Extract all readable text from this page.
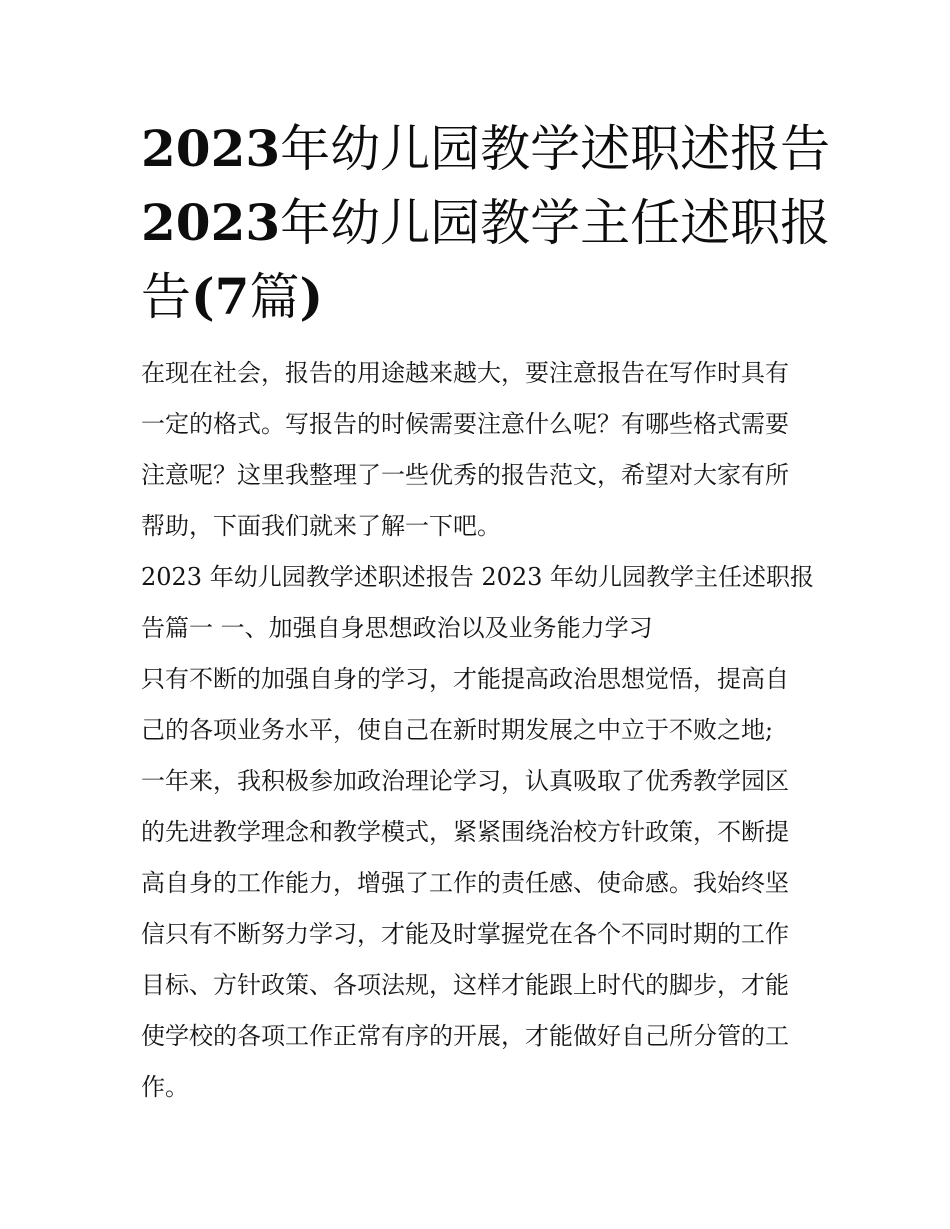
2023年幼儿园教学述职述报告
2023年幼儿园教学主任述职报
告(7篇)

在现在社会，报告的用途越来越大，要注意报告在写作时具有
一定的格式。写报告的时候需要注意什么呢？有哪些格式需要
注意呢？这里我整理了一些优秀的报告范文，希望对大家有所
帮助，下面我们就来了解一下吧。

2023 年幼儿园教学述职述报告 2023 年幼儿园教学主任述职报
告篇一 一、加强自身思想政治以及业务能力学习

只有不断的加强自身的学习，才能提高政治思想觉悟，提高自
己的各项业务水平，使自己在新时期发展之中立于不败之地;
一年来，我积极参加政治理论学习，认真吸取了优秀教学园区
的先进教学理念和教学模式，紧紧围绕治校方针政策，不断提
高自身的工作能力，增强了工作的责任感、使命感。我始终坚
信只有不断努力学习，才能及时掌握党在各个不同时期的工作
目标、方针政策、各项法规，这样才能跟上时代的脚步，才能
使学校的各项工作正常有序的开展，才能做好自己所分管的工
作。
